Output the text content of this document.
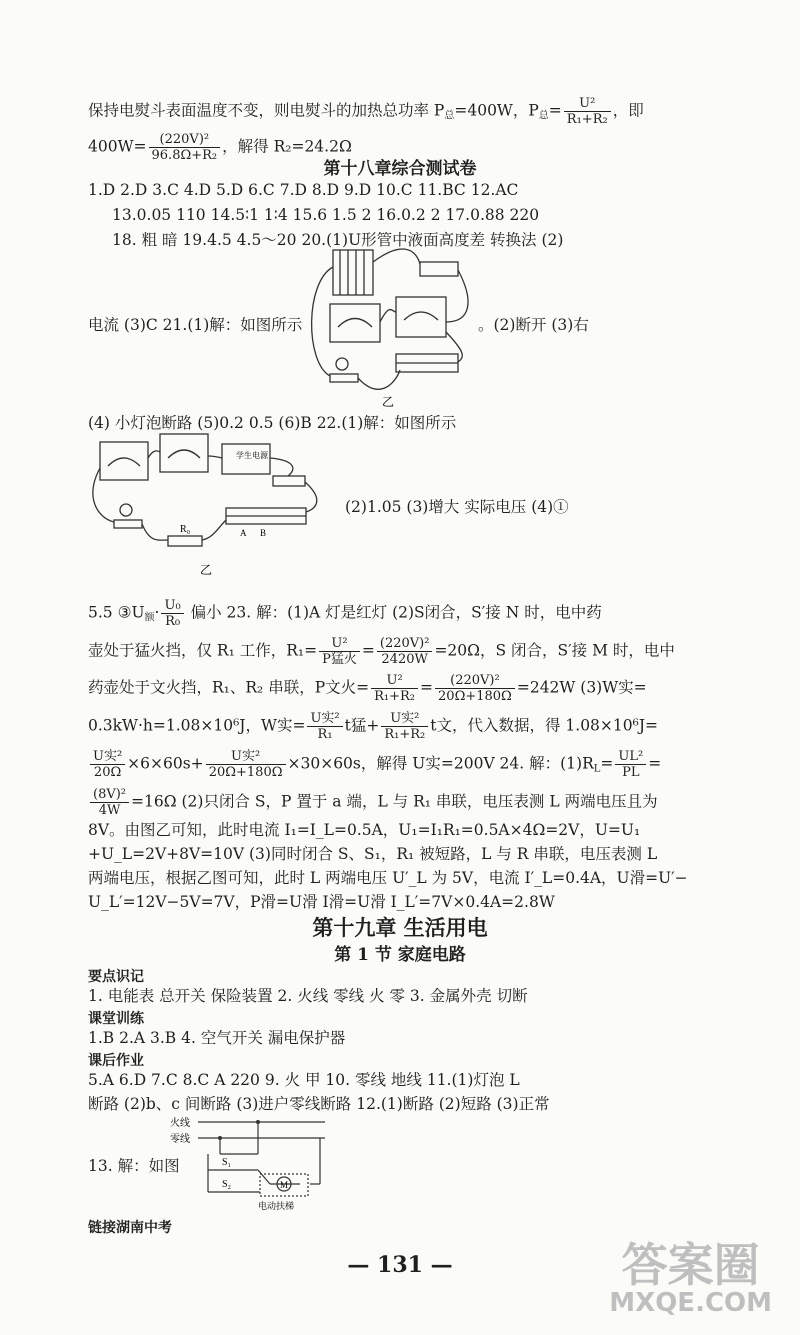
保持电熨斗表面温度不变，则电熨斗的加热总功率 $P_总=400W$，$P_总= \frac{\text{U²}}{\text{R₁+R₂}}$ ，即
$400W= \frac{\text{(220V)²}}{\text{96.8Ω+R₂}}$ ，解得 R₂=24.2Ω
第十八章综合测试卷
1.D 2.D 3.C 4.D 5.D 6.C 7.D 8.D 9.D 10.C 11.BC 12.AC
13.0.05 110 14.5∶1 1∶4 15.6 1.5 2 16.0.2 2 17.0.88 220
18. 粗 暗 19.4.5 4.5～20 20.(1)U形管中液面高度差 转换法 (2)
乙
电流 (3)C 21.(1)解：如图所示	。(2)断开 (3)右
(4) 小灯泡断路 (5)0.2 0.5 (6)B 22.(1)解：如图所示
学生电源
R₀	A B
乙
(2)1.05 (3)增大 实际电压 (4)①
5.5 $③U_额\cdot \frac{\text{U₀}}{\text{R₀}}$ 偏小 23. 解：(1)A 灯是红灯 (2)S闭合，S′接 N 时，电中药
壶处于猛火挡，仅 R₁ 工作，$R_1= \frac{\text{U²}}{\text{P猛火}} = \frac{\text{(220V)²}}{2420W} =20\Omega$，S 闭合，S′接 M 时，电中
药壶处于文火挡，R₁、R₂ 串联，P文火= $\frac{\text{U²}}{\text{R₁+R₂}} = \frac{\text{(220V)²}}{20\Omega+180\Omega} =242W$ (3)W实=
0.3kW·h=1.08×10⁶J，W实= $\frac{\text{U实²}}{\text{R₁}}$ t猛+ $\frac{\text{U实²}}{\text{R₁+R₂}}$ t文，代入数据，得 1.08×10⁶J=
$\frac{\text{U实²}}{20\Omega} \times 6\times 60s+ \frac{\text{U实²}}{20\Omega+180\Omega} \times 30\times 60s$，解得 U实=200V 24. 解：$(1)R_L= \frac{\text{UL²}}{PL}$ =
$\frac{\text{(8V)²}}{4W} =16\Omega$ (2)只闭合 S，P 置于 a 端，L 与 R₁ 串联，电压表测 L 两端电压且为
8V。由图乙可知，此时电流 I₁=I_L=0.5A，U₁=I₁R₁=0.5A×4Ω=2V，U=U₁
+U_L=2V+8V=10V (3)同时闭合 S、S₁，R₁ 被短路，L 与 R 串联，电压表测 L
两端电压，根据乙图可知，此时 L 两端电压 U′_L 为 5V，电流 I′_L=0.4A，U滑=U′−
U_L′=12V−5V=7V，P滑=U滑 I滑=U滑 I_L′=7V×0.4A=2.8W
第十九章 生活用电
第 1 节 家庭电路
要点识记
1. 电能表 总开关 保险装置 2. 火线 零线 火 零 3. 金属外壳 切断
课堂训练
1.B 2.A 3.B 4. 空气开关 漏电保护器
课后作业
5.A 6.D 7.C 8.C A 220 9. 火 甲 10. 零线 地线 11.(1)灯泡 L
断路 (2)b、c 间断路 (3)进户零线断路 12.(1)断路 (2)短路 (3)正常
火线
零线
S₁
S₂	M
电动扶梯
13. 解：如图
链接湖南中考
— 131 —	答案圈
MXQE.COM
